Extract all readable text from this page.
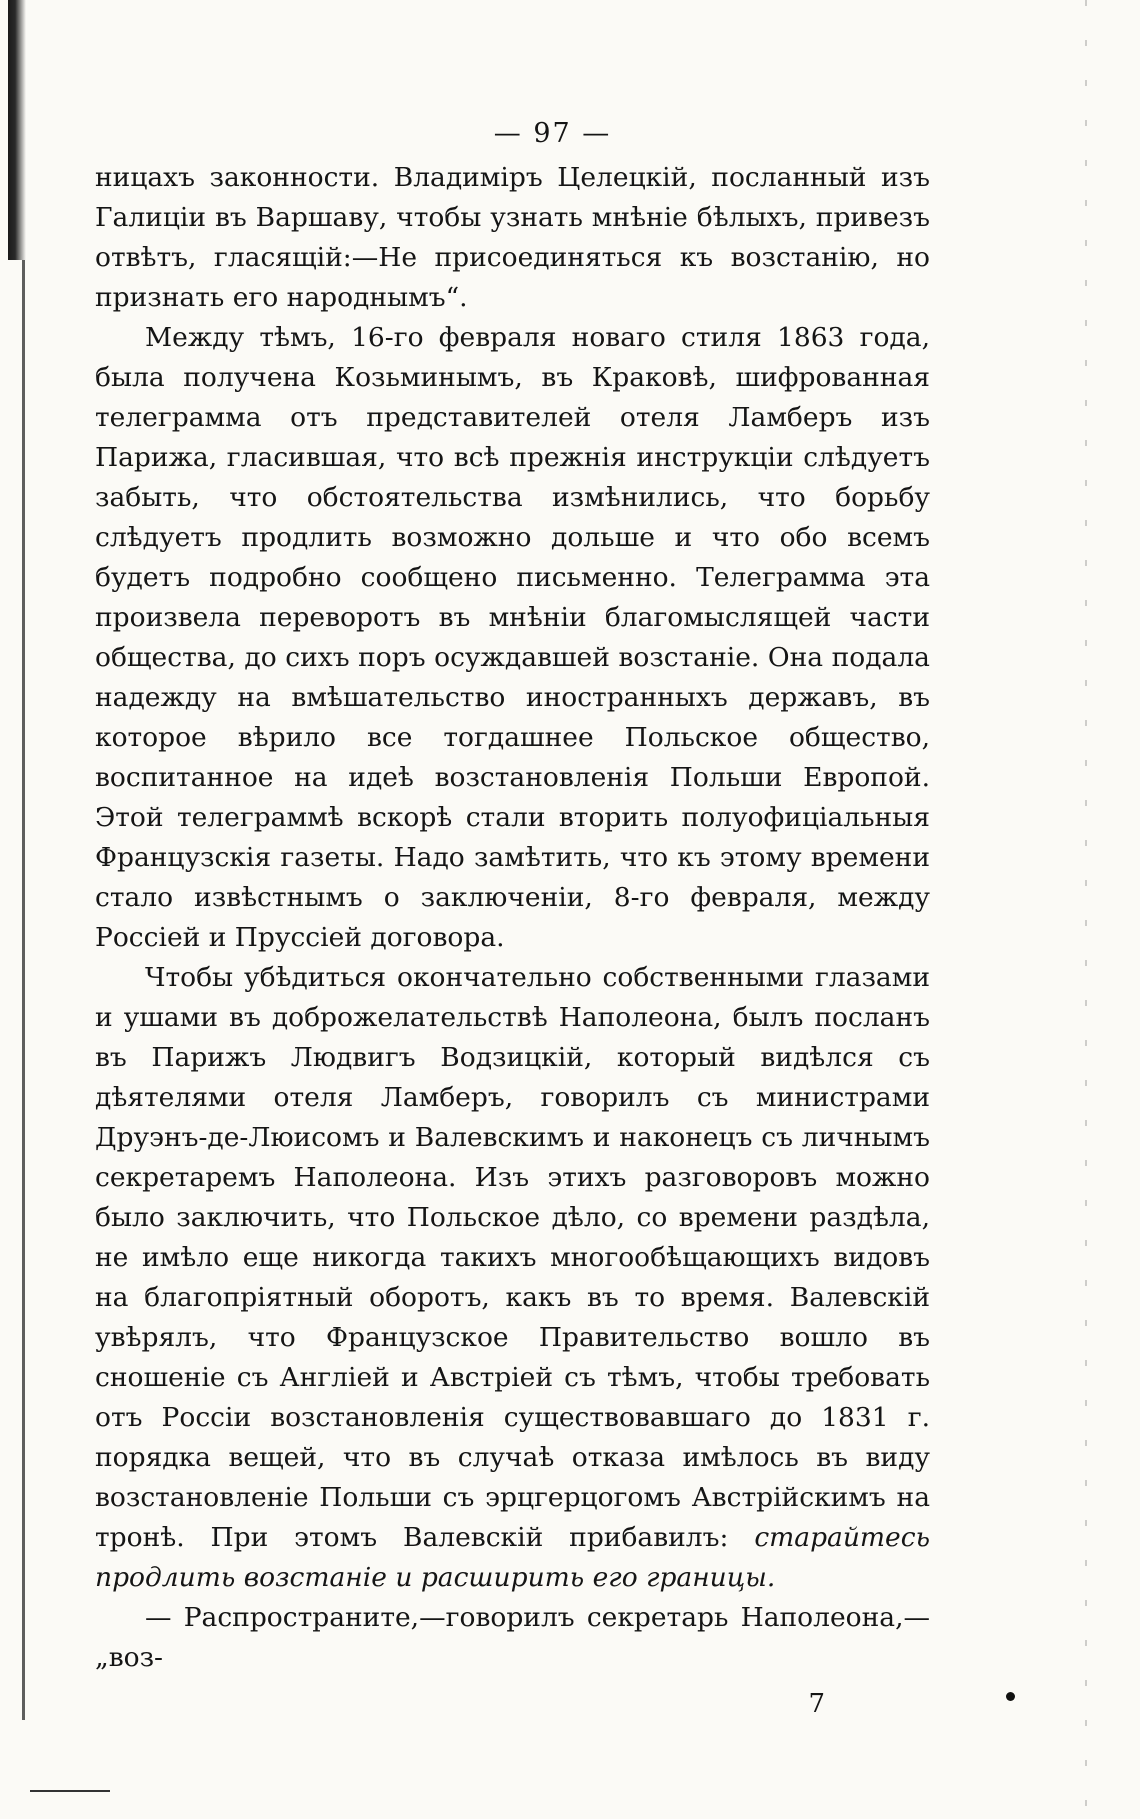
— 97 —

ницахъ законности. Владиміръ Целецкій, посланный изъ Галиціи въ Варшаву, чтобы узнать мнѣніе бѣлыхъ, привезъ отвѣтъ, гласящій:—Не присоединяться къ возстанію, но признать его народнымъ“.

Между тѣмъ, 16-го февраля новаго стиля 1863 года, была получена Козьминымъ, въ Краковѣ, шифрованная телеграмма отъ представителей отеля Ламберъ изъ Парижа, гласившая, что всѣ прежнія инструкціи слѣдуетъ забыть, что обстоятельства измѣнились, что борьбу слѣдуетъ продлить возможно дольше и что обо всемъ будетъ подробно сообщено письменно. Телеграмма эта произвела переворотъ въ мнѣніи благомыслящей части общества, до сихъ поръ осуждавшей возстаніе. Она подала надежду на вмѣшательство иностранныхъ державъ, въ которое вѣрило все тогдашнее Польское общество, воспитанное на идеѣ возстановленія Польши Европой. Этой телеграммѣ вскорѣ стали вторить полуофиціальныя Французскія газеты. Надо замѣтить, что къ этому времени стало извѣстнымъ о заключеніи, 8-го февраля, между Россіей и Пруссіей договора.

Чтобы убѣдиться окончательно собственными глазами и ушами въ доброжелательствѣ Наполеона, былъ посланъ въ Парижъ Людвигъ Водзицкій, который видѣлся съ дѣятелями отеля Ламберъ, говорилъ съ министрами Друэнъ-де-Люисомъ и Валевскимъ и наконецъ съ личнымъ секретаремъ Наполеона. Изъ этихъ разговоровъ можно было заключить, что Польское дѣло, со времени раздѣла, не имѣло еще никогда такихъ многообѣщающихъ видовъ на благопріятный оборотъ, какъ въ то время. Валевскій увѣрялъ, что Французское Правительство вошло въ сношеніе съ Англіей и Австріей съ тѣмъ, чтобы требовать отъ Россіи возстановленія существовавшаго до 1831 г. порядка вещей, что въ случаѣ отказа имѣлось въ виду возстановленіе Польши съ эрцгерцогомъ Австрійскимъ на тронѣ. При этомъ Валевскій прибавилъ: старайтесь продлить возстаніе и расширить его границы.

— Распространите,—говорилъ секретарь Наполеона,—„воз-

7
